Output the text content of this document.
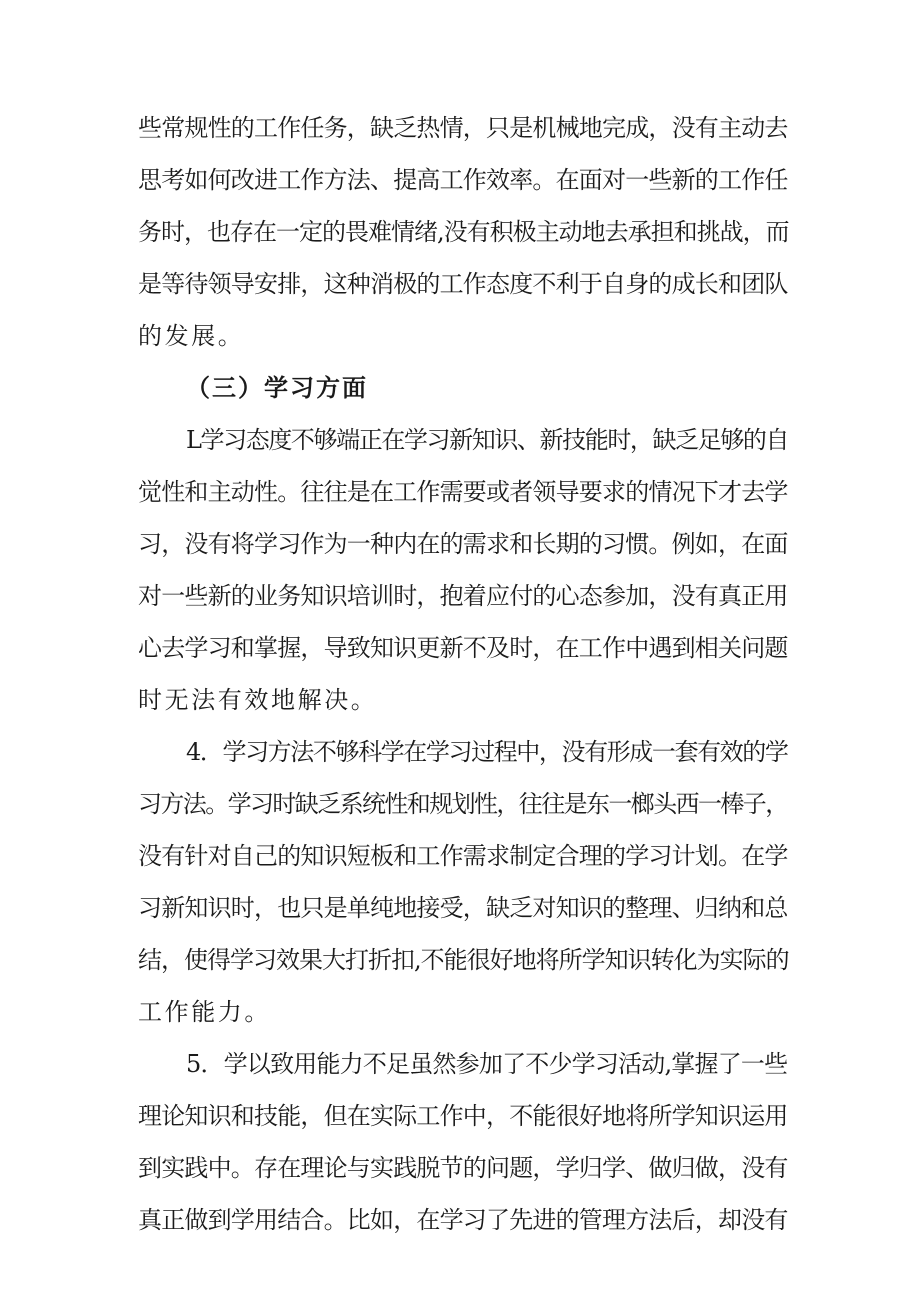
些常规性的工作任务，缺乏热情，只是机械地完成，没有主动去
思考如何改进工作方法、提高工作效率。在面对一些新的工作任
务时，也存在一定的畏难情绪,没有积极主动地去承担和挑战，而
是等待领导安排，这种消极的工作态度不利于自身的成长和团队
的发展。
（三）学习方面
L学习态度不够端正在学习新知识、新技能时，缺乏足够的自
觉性和主动性。往往是在工作需要或者领导要求的情况下才去学
习，没有将学习作为一种内在的需求和长期的习惯。例如，在面
对一些新的业务知识培训时，抱着应付的心态参加，没有真正用
心去学习和掌握，导致知识更新不及时，在工作中遇到相关问题
时无法有效地解决。
4．学习方法不够科学在学习过程中，没有形成一套有效的学
习方法。学习时缺乏系统性和规划性，往往是东一榔头西一棒子，
没有针对自己的知识短板和工作需求制定合理的学习计划。在学
习新知识时，也只是单纯地接受，缺乏对知识的整理、归纳和总
结，使得学习效果大打折扣,不能很好地将所学知识转化为实际的
工作能力。
5．学以致用能力不足虽然参加了不少学习活动,掌握了一些
理论知识和技能，但在实际工作中，不能很好地将所学知识运用
到实践中。存在理论与实践脱节的问题，学归学、做归做，没有
真正做到学用结合。比如，在学习了先进的管理方法后，却没有
